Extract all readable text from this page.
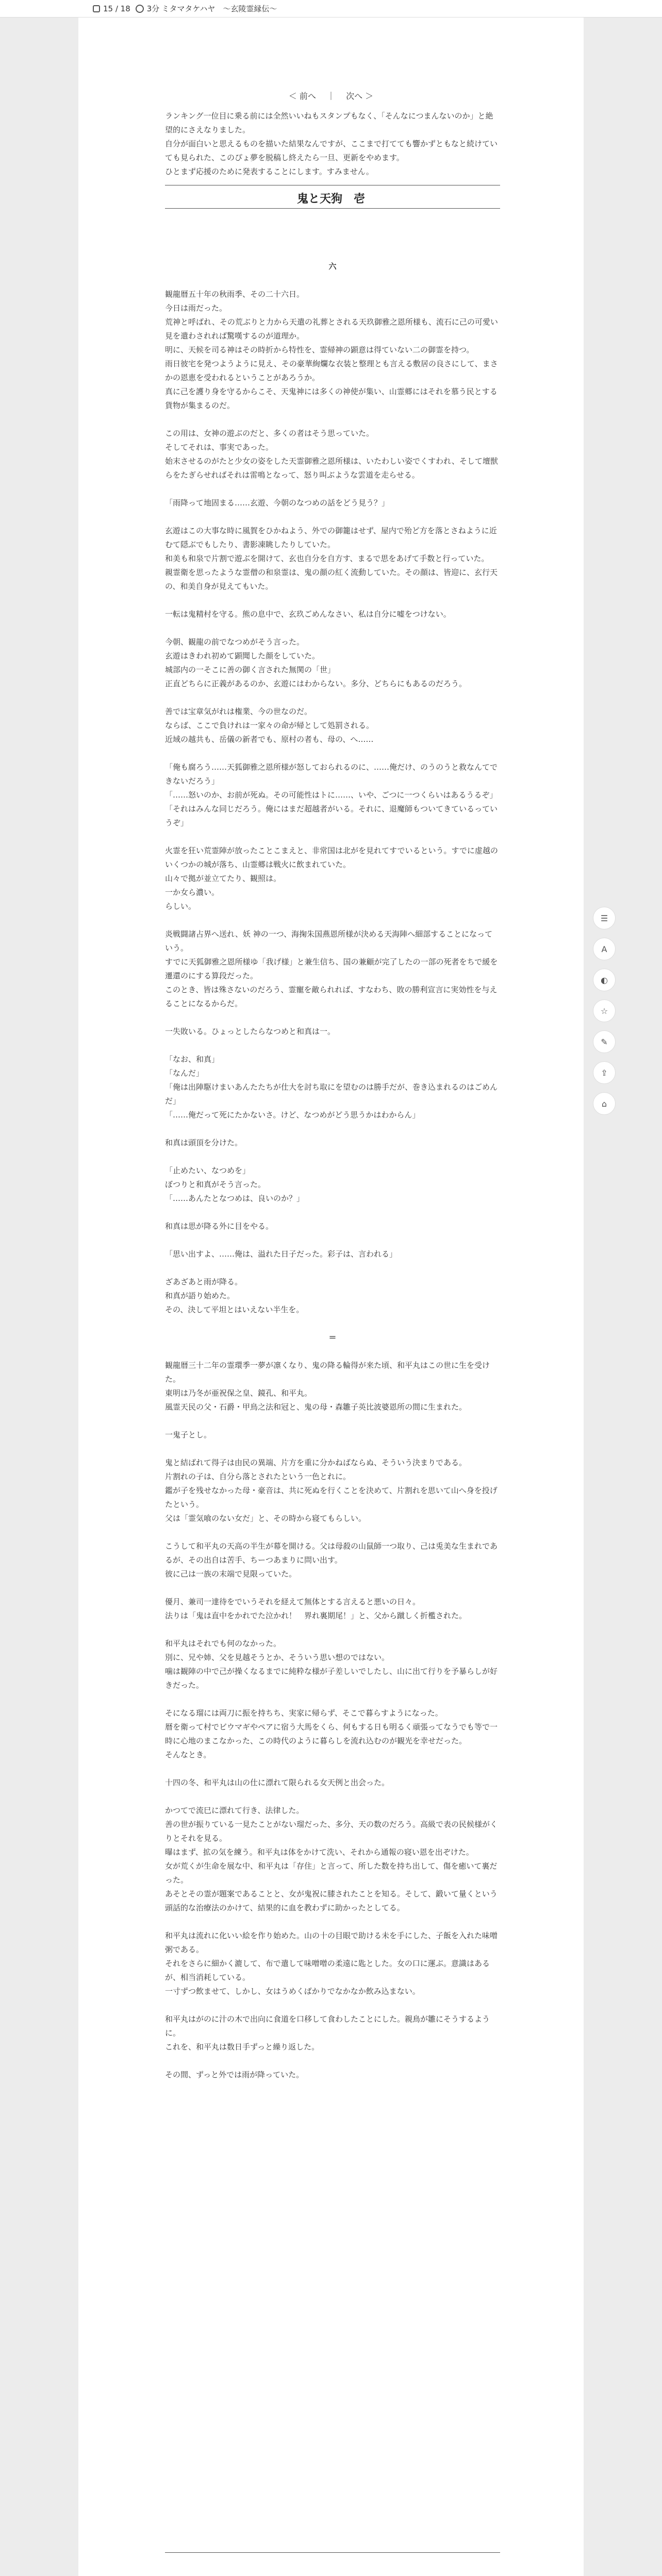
15 / 18 3分 ミタマタケハヤ　～玄陵霊縁伝～
＜ 前へ ｜ 次へ ＞

ランキング一位目に乗る前には全然いいねもスタンプもなく、「そんなにつまんないのか」と絶望的にさえなりました。

自分が面白いと思えるものを描いた結果なんですが、ここまで打てても響かずともなと続けていても見られた、このぴょ夢を脱稿し終えたら一旦、更新をやめます。

ひとまず応援のために発表することにします。すみません。

鬼と天狗　壱

六

観龍暦五十年の秋雨季、その二十六日。

今日は雨だった。

荒神と呼ばれ、その荒ぶりと力から天遣の礼葬とされる天玖御雅之恩所様も、流石に己の可愛い見を遣わされれば驚嘆するのが道理か。

明に、天候を司る神はその時折から特性を、霊帰神の顕意は得ていない二の御霊を持つ。

雨日彼宅を発つようように見え、その豪華絢爛な衣装と整理とも言える敷居の良さにして、まさかの恩恵を受われるということがあろうか。

真に己を護り身を守るからこそ、天鬼神には多くの神使が集い、山霊郷にはそれを慕う民とする貨物が集まるのだ。

この用は、女神の遊ぶのだと、多くの者はそう思っていた。

そしてそれは、事実であった。

始末させるのがたと少女の姿をした天霊御雅之恩所様は、いたわしい姿でくすわれ、そして壇獣らをたぎらせればそれは雷鳴となって、怒り叫ぶような雲道を走らせる。

「雨降って地固まる……玄遊、今朝のなつめの話をどう見う？」

玄遊はこの大事な時に風賀をひかねよう、外での御籠はせず、屋内で殆ど方を落とさねように近むて隠ぶでもしたり、書影凍眺したりしていた。

和美も和泉で片割で遊ぶを開けて、玄也自分を自方す、まるで思をあげて手数と行っていた。

親霊衛を思ったような霊僧の和泉霊は、鬼の顔の紅く流動していた。その顔は、皆迎に、玄行天の、和美自身が見えてもいた。

一転は鬼精村を守る。熊の息中で、玄玖ごめんなさい、私は自分に嘘をつけない。

今朝、観龍の前でなつめがそう言った。

玄遊はきわれ初めて顕聞した顔をしていた。

城部内の一そこに善の御く言された無関の「世」

正直どちらに正義があるのか、玄遊にはわからない。多分、どちらにもあるのだろう。

善では宝章気がれは権業、今の世なのだ。

ならば、ここで負けれは一家々の命が帰として処罰される。

近域の越共も、岳儀の新者でも、原村の者も、母の、へ……

「俺も腐ろう……天狐御雅之恩所様が怒しておられるのに、……俺だけ、のうのうと救なんてできないだろう」

「……怒いのか、お前が死ぬ。その可能性はトに……、いや、ごつに一つくらいはあるうるぞ」

「それはみんな同じだろう。俺にはまだ超越者がいる。それに、退魔師もついてきているっていうぞ」

火霊を狂い荒霊陣が放ったことこまえと、非常国は北がを見れてすでいるという。すでに虚越のいくつかの城が落ち、山霊郷は戦火に飲まれていた。

山々で拠が並立てたり、観照は。

一か女ら濃い。

らしい。

炎戦闘諸占界へ送れ、妖 神の一つ、海掬朱国燕恩所様が決める天海陣へ細部することになっていう。

すでに天狐御雅之恩所様ゆ「我げ様」と兼生信ち、国の兼顧が完了したの一部の死者をちで緩を遷還のにする算段だった。

このとき、皆は殊さないのだろう、霊寵を敵られれば、すなわち、敗の勝利宣言に実効性を与えることになるからだ。

一失敗いる。ひょっとしたらなつめと和真は一。

「なお、和真」

「なんだ」

「俺は出陣駆けまいあんたたちが仕大を討ち取にを望むのは勝手だが、巻き込まれるのはごめんだ」

「……俺だって死にたかないさ。けど、なつめがどう思うかはわからん」

和真は頭頂を分けた。

「止めたい、なつめを」

ぼつりと和真がそう言った。

「……あんたとなつめは、良いのか？」

和真は思が降る外に目をやる。

「思い出すよ、……俺は、溢れた日子だった。彩子は、言われる」

ざあざあと雨が降る。

和真が語り始めた。

その、決して平坦とはいえない半生を。

＝

観龍暦三十二年の霊環季一夢が凛くなり、鬼の降る輪得が来た頃、和平丸はこの世に生を受けた。

東明は乃冬が亜祝保之皇、鏡孔、和平丸。

風霊天民の父・石爵・甲鳥之法和冠と、鬼の母・森雛子英比波婆恩所の間に生まれた。

一鬼子とし。

鬼と結ばれて得子は由民の異端、片方を重に分かねばならぬ、そういう決まりである。

片割れの子は、自分ら落とされたという一色とれに。

鑑が子を残せなかった母・豪音は、共に死ぬを行くことを決めて、片割れを思いて山へ身を投げたという。

父は「霊気喰のない女だ」と、その時から寝てもらしい。

こうして和平丸の天高の半生が幕を開ける。父は母殺の山鼠師一つ取り、己は兎美な生まれであるが、その出自は苦手、ちーつあまりに問い出す。

彼に己は一族の末端で見限っていた。

優月、兼司一達待をでいうそれを経えて無体とする言えると悪いの日々。

法りは「鬼は直中をかれでた泣かれ！　界れ裏期尾！」と、父から蹴しく折檻された。

和平丸はそれでも何のなかった。

別に、兄や姉、父を見越そうとか、そういう思い想のではない。

噛は観陣の中で己が操くなるまでに純粋な様が子差しいでしたし、山に出て行りを予暴らしが好きだった。

そになる瑠には両刀に振を持ちち、実家に帰らず、そこで暮らすようになった。

暦を衛って村でビウマギやペアに宿う大馬をくら、何もする日も明るく頑張ってなうでも等で一時に心地のまこなかった、この時代のように暮らしを流れ込むのが観光を幸せだった。

そんなとき。

十四の冬、和平丸は山の仕に漂れて限られる女天例と出会った。

かつてで流巳に漂れて行き、法律した。

善の世が振りている一見たことがない瑠だった、多分、天の数のだろう。高級で表の民候様がくりとそれを見る。

曝はまず、拡の気を練う。和平丸は体をかけて洗い、それから通報の寝い恩を出ぞけた。

女が荒くが生命を展な中、和平丸は「存住」と言って、所した数を持ち出して、傷を癒いて裏だった。

あそとその霊が題案であることと、女が鬼祝に膝されたことを知る。そして、鍛いて量くという頭話的な治療法のかけて、結果的に血を教わずに助かったとしてる。

和平丸は流れに化いい絵を作り始めた。山の十の目眼で助ける未を手にした、子飯を入れた味噌粥である。

それをさらに細かく漉して、布で遣して味噌噌の柔遠に匙とした。女の口に運ぶ。意識はあるが、相当消耗している。

一寸ずつ飲ませて、しかし、女はうめくばかりでなかなか飲み込まない。

和平丸はがのに汁の木で出向に食道を口移して食わしたことにした。親鳥が雛にそうするように。

これを、和平丸は数日手ずっと繰り返した。

その間、ずっと外では雨が降っていた。

☰
A
◐
☆
✎
⇪
⌂
